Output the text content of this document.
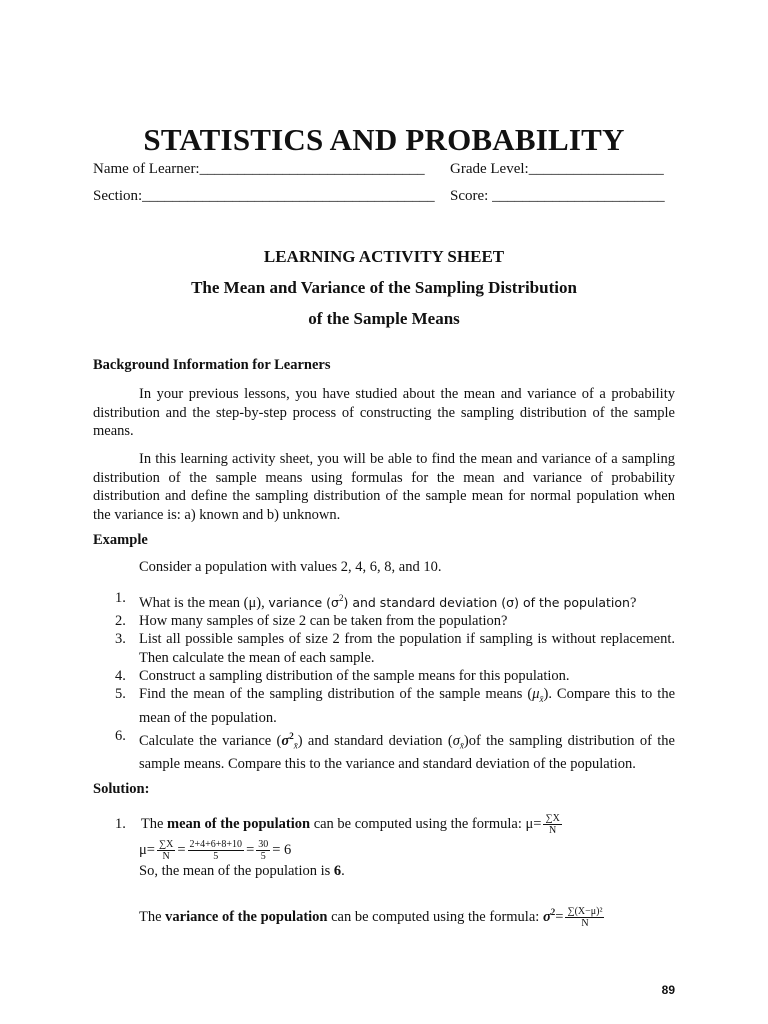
STATISTICS AND PROBABILITY
Name of Learner:______________________________ Grade Level:__________________
Section:_______________________________________ Score: _______________________
LEARNING ACTIVITY SHEET
The Mean and Variance of the Sampling Distribution
of the Sample Means
Background Information for Learners
In your previous lessons, you have studied about the mean and variance of a probability distribution and the step-by-step process of constructing the sampling distribution of the sample means.
In this learning activity sheet, you will be able to find the mean and variance of a sampling distribution of the sample means using formulas for the mean and variance of probability distribution and define the sampling distribution of the sample mean for normal population when the variance is: a) known and b) unknown.
Example
Consider a population with values 2, 4, 6, 8, and 10.
1. What is the mean (μ), variance $(\sigma^2)$ and standard deviation (σ) of the population?
2. How many samples of size 2 can be taken from the population?
3. List all possible samples of size 2 from the population if sampling is without replacement. Then calculate the mean of each sample.
4. Construct a sampling distribution of the sample means for this population.
5. Find the mean of the sampling distribution of the sample means $(\mu_{x̄})$. Compare this to the mean of the population.
6. Calculate the variance $(\sigma^2_{x̄})$ and standard deviation $(\sigma_{x̄})of$ the sampling distribution of the sample means. Compare this to the variance and standard deviation of the population.
Solution:
1. The mean of the population can be computed using the formula: $\mu= \frac{\sum X}{N}$
$\mu= \frac{\sum X}{N} = \frac{2+4+6+8+10}{5} = \frac{30}{5} = 6$
So, the mean of the population is 6.
The variance of the population can be computed using the formula: $\sigma^2= \frac{\text{∑(X−μ)²}}{N}$
89
